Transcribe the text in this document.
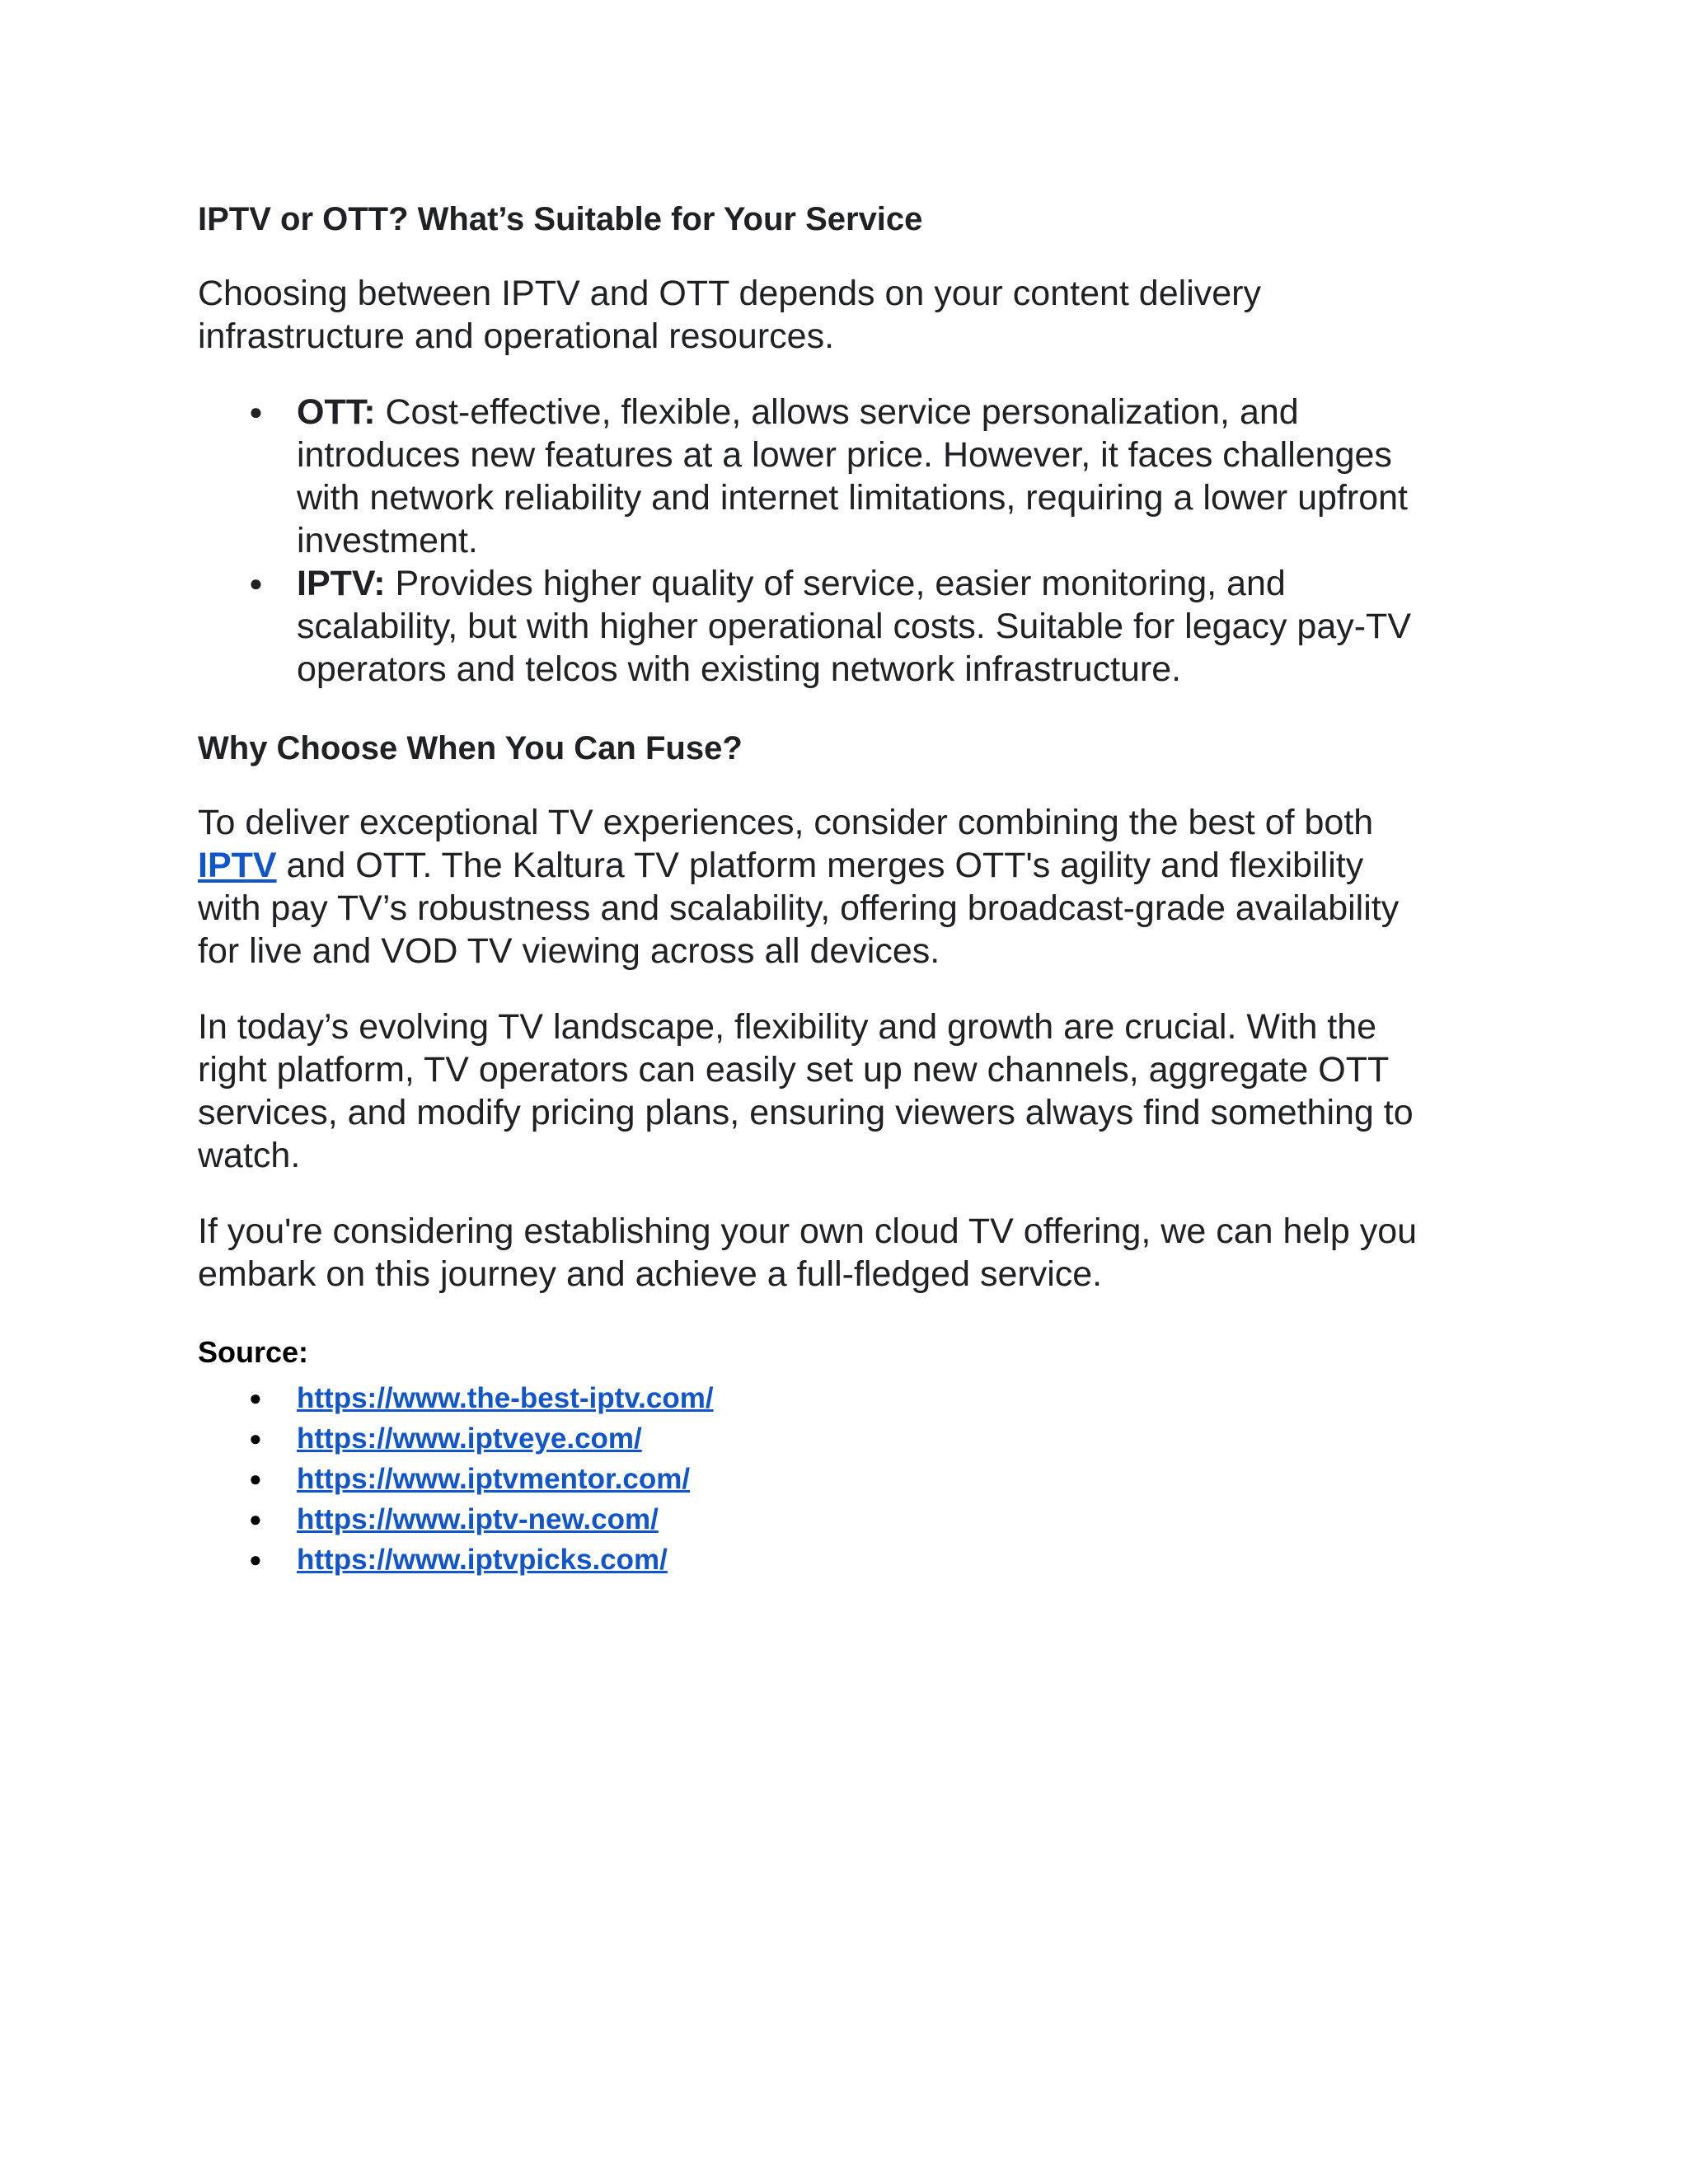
IPTV or OTT? What’s Suitable for Your Service

Choosing between IPTV and OTT depends on your content delivery
infrastructure and operational resources.

● OTT: Cost-effective, flexible, allows service personalization, and
introduces new features at a lower price. However, it faces challenges
with network reliability and internet limitations, requiring a lower upfront
investment.
● IPTV: Provides higher quality of service, easier monitoring, and
scalability, but with higher operational costs. Suitable for legacy pay-TV
operators and telcos with existing network infrastructure.
Why Choose When You Can Fuse?

To deliver exceptional TV experiences, consider combining the best of both
IPTV and OTT. The Kaltura TV platform merges OTT's agility and flexibility
with pay TV’s robustness and scalability, offering broadcast-grade availability
for live and VOD TV viewing across all devices.

In today’s evolving TV landscape, flexibility and growth are crucial. With the
right platform, TV operators can easily set up new channels, aggregate OTT
services, and modify pricing plans, ensuring viewers always find something to
watch.

If you're considering establishing your own cloud TV offering, we can help you
embark on this journey and achieve a full-fledged service.

Source:
● https://www.the-best-iptv.com/
● https://www.iptveye.com/
● https://www.iptvmentor.com/
● https://www.iptv-new.com/
● https://www.iptvpicks.com/
